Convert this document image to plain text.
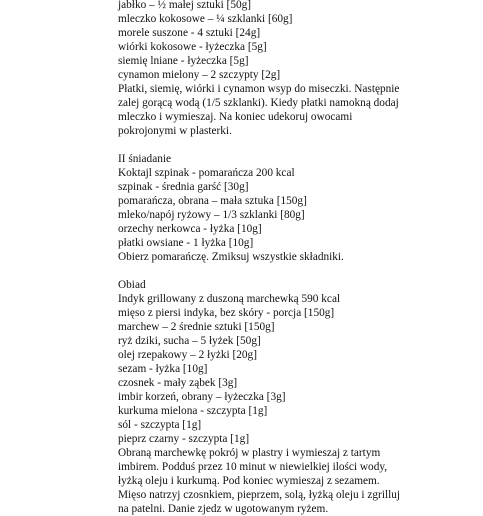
jabłko – ½ małej sztuki [50g]
mleczko kokosowe – ¼ szklanki [60g]
morele suszone - 4 sztuki [24g]
wiórki kokosowe - łyżeczka [5g]
siemię lniane - łyżeczka [5g]
cynamon mielony – 2 szczypty [2g]
Płatki, siemię, wiórki i cynamon wsyp do miseczki. Następnie
zalej gorącą wodą (1/5 szklanki). Kiedy płatki namokną dodaj
mleczko i wymieszaj. Na koniec udekoruj owocami
pokrojonymi w plasterki.
II śniadanie
Koktajl szpinak - pomarańcza 200 kcal
szpinak - średnia garść [30g]
pomarańcza, obrana – mała sztuka [150g]
mleko/napój ryżowy – 1/3 szklanki [80g]
orzechy nerkowca - łyżka [10g]
płatki owsiane - 1 łyżka [10g]
Obierz pomarańczę. Zmiksuj wszystkie składniki.
Obiad
Indyk grillowany z duszoną marchewką 590 kcal
mięso z piersi indyka, bez skóry - porcja [150g]
marchew – 2 średnie sztuki [150g]
ryż dziki, sucha – 5 łyżek [50g]
olej rzepakowy – 2 łyżki [20g]
sezam - łyżka [10g]
czosnek - mały ząbek [3g]
imbir korzeń, obrany – łyżeczka [3g]
kurkuma mielona - szczypta [1g]
sól - szczypta [1g]
pieprz czarny - szczypta [1g]
Obraną marchewkę pokrój w plastry i wymieszaj z tartym
imbirem. Podduś przez 10 minut w niewielkiej ilości wody,
łyżką oleju i kurkumą. Pod koniec wymieszaj z sezamem.
Mięso natrzyj czosnkiem, pieprzem, solą, łyżką oleju i zgrilluj
na patelni. Danie zjedz w ugotowanym ryżem.
